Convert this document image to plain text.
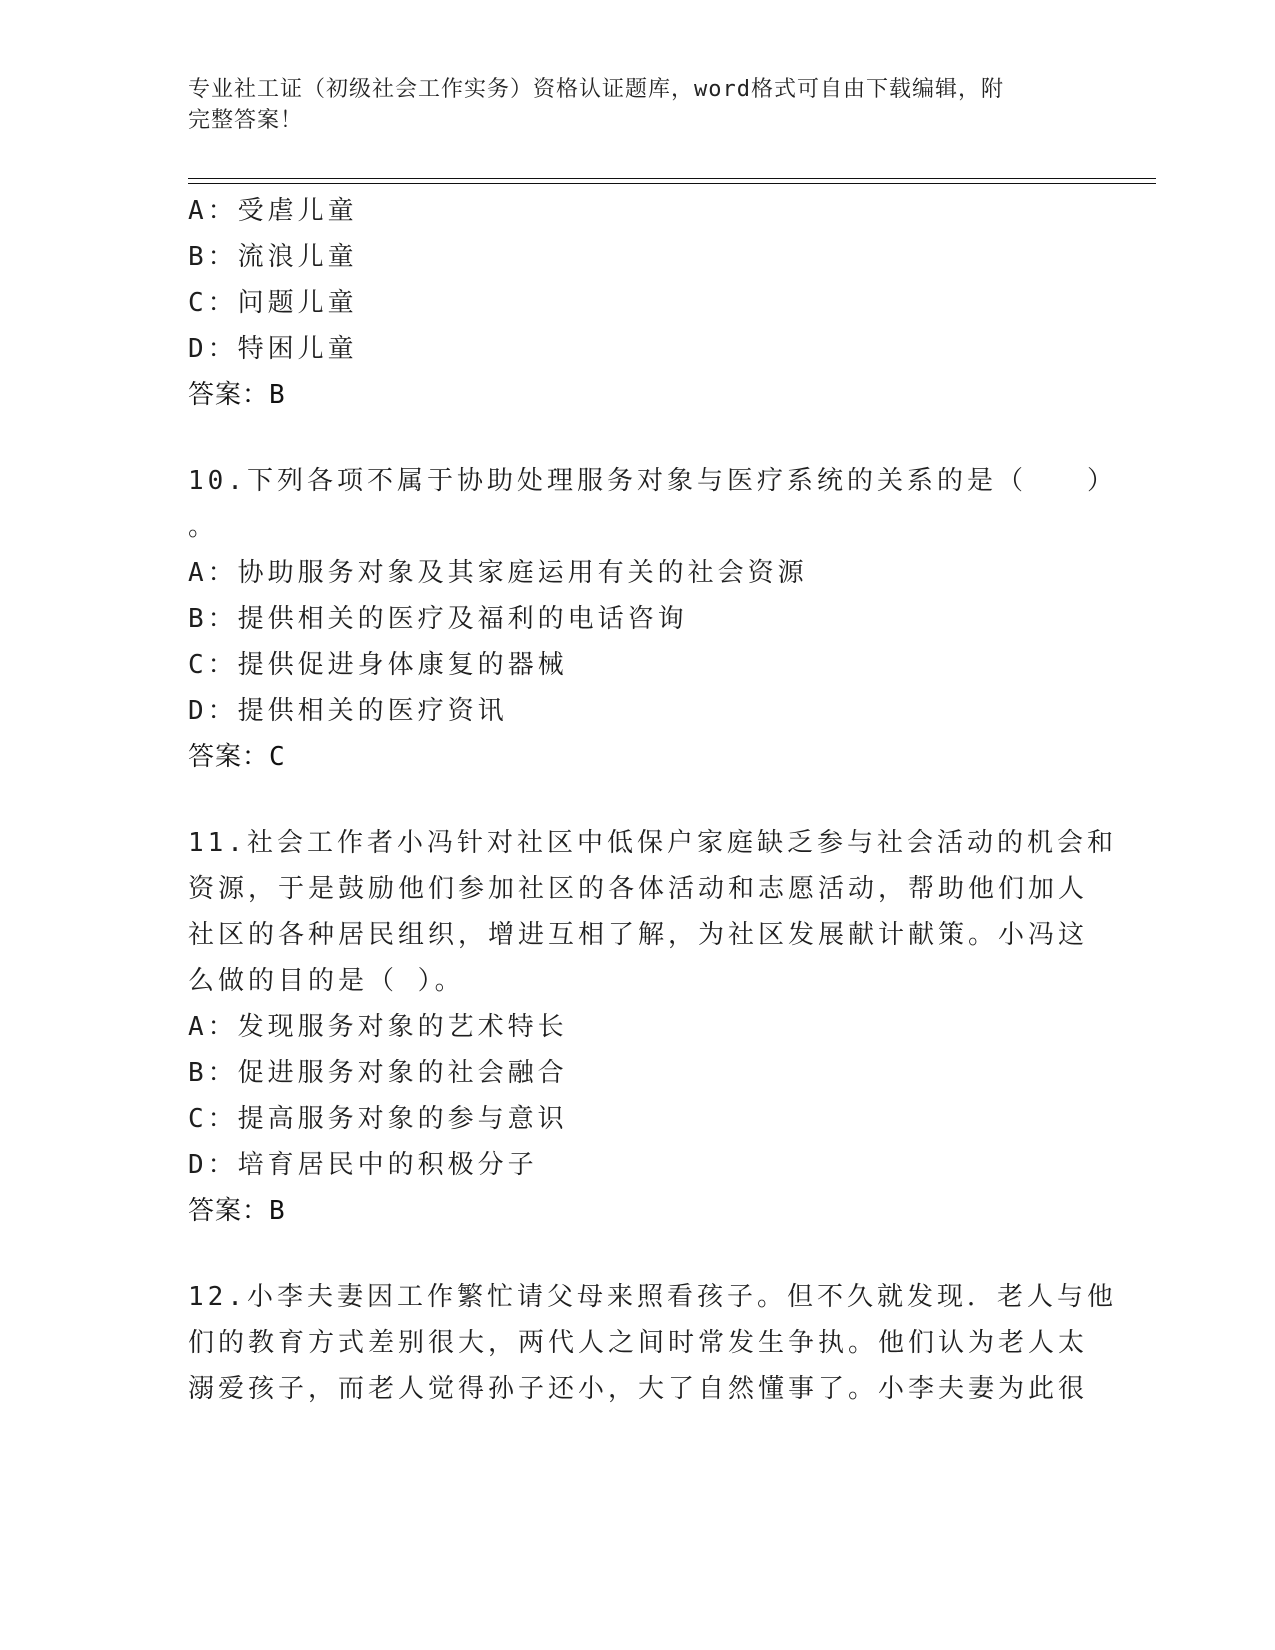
专业社工证（初级社会工作实务）资格认证题库，word格式可自由下载编辑，附
完整答案！
A：受虐儿童
B：流浪儿童
C：问题儿童
D：特困儿童
答案：B
10.下列各项不属于协助处理服务对象与医疗系统的关系的是（　　）
。
A：协助服务对象及其家庭运用有关的社会资源
B：提供相关的医疗及福利的电话咨询
C：提供促进身体康复的器械
D：提供相关的医疗资讯
答案：C
11.社会工作者小冯针对社区中低保户家庭缺乏参与社会活动的机会和
资源，于是鼓励他们参加社区的各体活动和志愿活动，帮助他们加人
社区的各种居民组织，增进互相了解，为社区发展献计献策。小冯这
么做的目的是（ ）。
A：发现服务对象的艺术特长
B：促进服务对象的社会融合
C：提高服务对象的参与意识
D：培育居民中的积极分子
答案：B
12.小李夫妻因工作繁忙请父母来照看孩子。但不久就发现．老人与他
们的教育方式差别很大，两代人之间时常发生争执。他们认为老人太
溺爱孩子，而老人觉得孙子还小，大了自然懂事了。小李夫妻为此很
